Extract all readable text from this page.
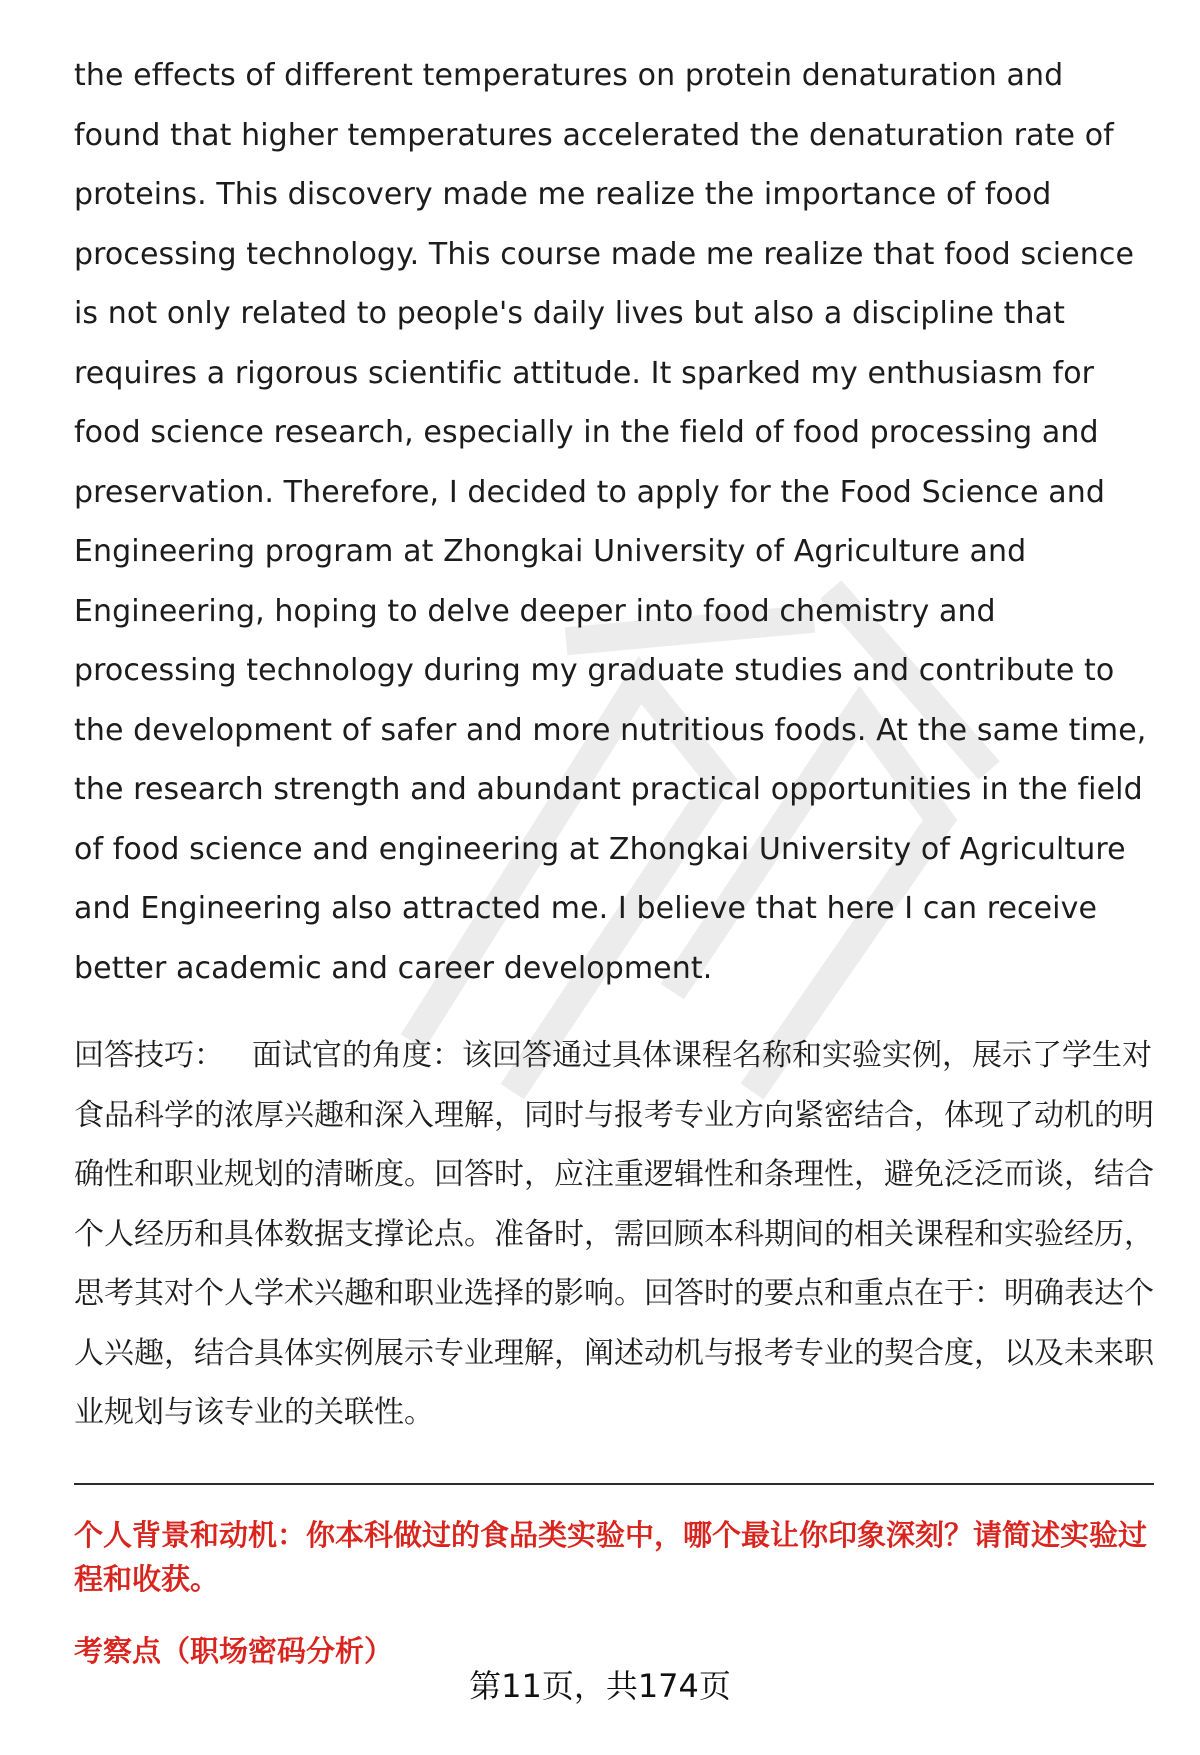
the effects of different temperatures on protein denaturation and found that higher temperatures accelerated the denaturation rate of proteins. This discovery made me realize the importance of food processing technology. This course made me realize that food science is not only related to people's daily lives but also a discipline that requires a rigorous scientific attitude. It sparked my enthusiasm for food science research, especially in the field of food processing and preservation. Therefore, I decided to apply for the Food Science and Engineering program at Zhongkai University of Agriculture and Engineering, hoping to delve deeper into food chemistry and processing technology during my graduate studies and contribute to the development of safer and more nutritious foods. At the same time, the research strength and abundant practical opportunities in the field of food science and engineering at Zhongkai University of Agriculture and Engineering also attracted me. I believe that here I can receive better academic and career development.

回答技巧： 面试官的角度：该回答通过具体课程名称和实验实例，展示了学生对食品科学的浓厚兴趣和深入理解，同时与报考专业方向紧密结合，体现了动机的明确性和职业规划的清晰度。回答时，应注重逻辑性和条理性，避免泛泛而谈，结合个人经历和具体数据支撑论点。准备时，需回顾本科期间的相关课程和实验经历，思考其对个人学术兴趣和职业选择的影响。回答时的要点和重点在于：明确表达个人兴趣，结合具体实例展示专业理解，阐述动机与报考专业的契合度，以及未来职业规划与该专业的关联性。

个人背景和动机：你本科做过的食品类实验中，哪个最让你印象深刻？请简述实验过程和收获。

考察点（职场密码分析）

第11页，共174页
